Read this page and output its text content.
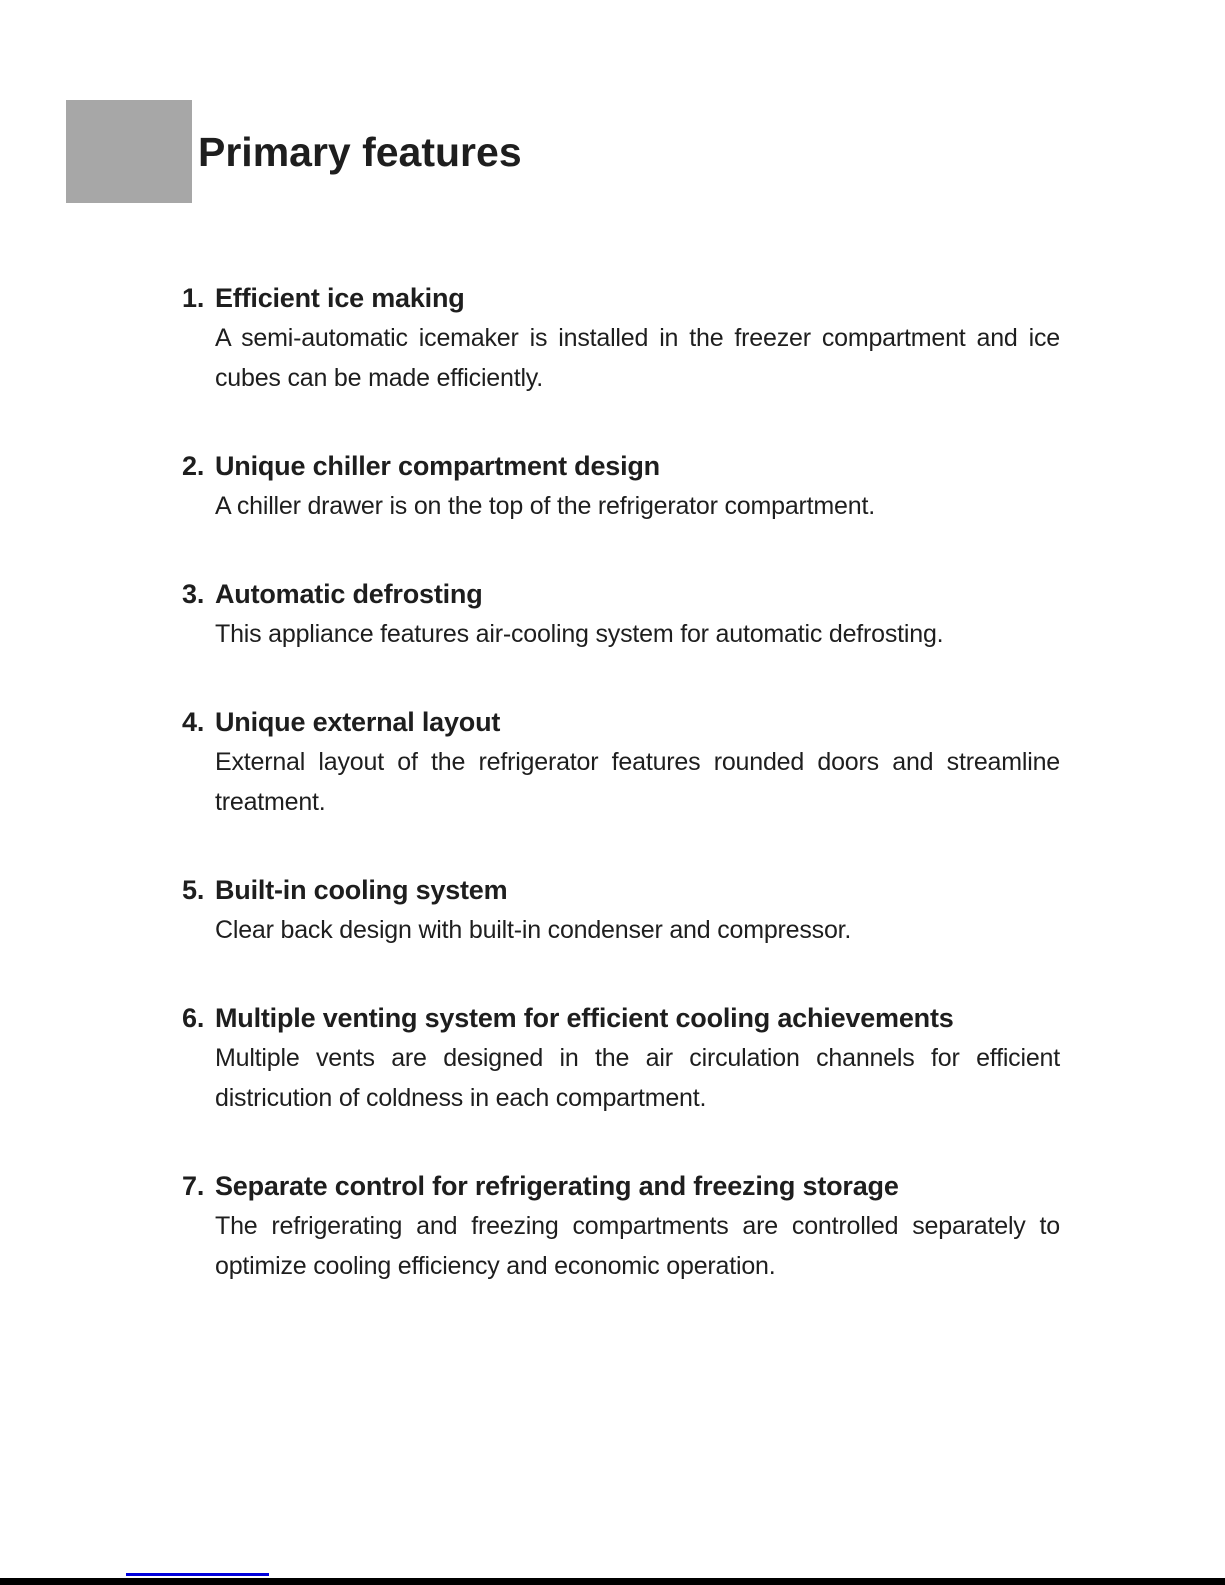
Primary features
1. Efficient ice making

A semi-automatic icemaker is installed in the freezer compartment and ice cubes can be made efficiently.

2. Unique chiller compartment design

A chiller drawer is on the top of the refrigerator compartment.

3. Automatic defrosting

This appliance features air-cooling system for automatic defrosting.

4. Unique external layout

External layout of the refrigerator features rounded doors and streamline treatment.

5. Built-in cooling system

Clear back design with built-in condenser and compressor.

6. Multiple venting system for efficient cooling achievements

Multiple vents are designed in the air circulation channels for efficient districution of coldness in each compartment.

7. Separate control for refrigerating and freezing storage

The refrigerating and freezing compartments are controlled separately to optimize cooling efficiency and economic operation.
